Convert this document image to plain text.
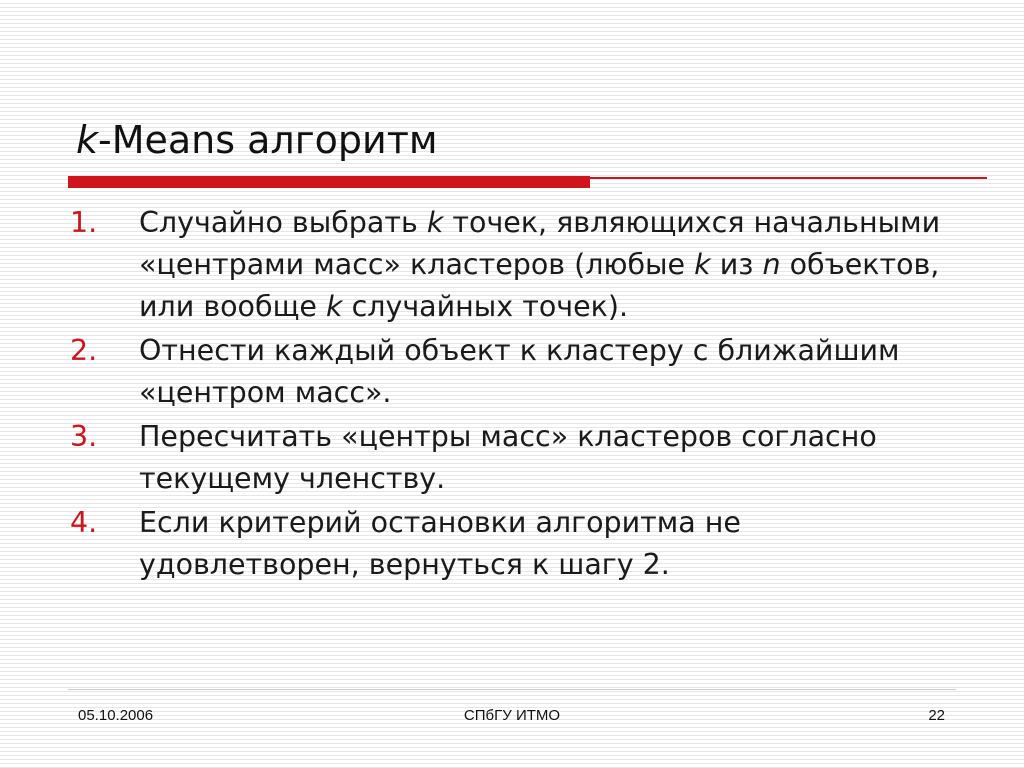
k-Means алгоритм
1. Случайно выбрать k точек, являющихся начальными «центрами масс» кластеров (любые k из n объектов, или вообще k случайных точек).
2. Отнести каждый объект к кластеру с ближайшим «центром масс».
3. Пересчитать «центры масс» кластеров согласно текущему членству.
4. Если критерий остановки алгоритма не удовлетворен, вернуться к шагу 2.
05.10.2006	СПбГУ ИТМО	22
